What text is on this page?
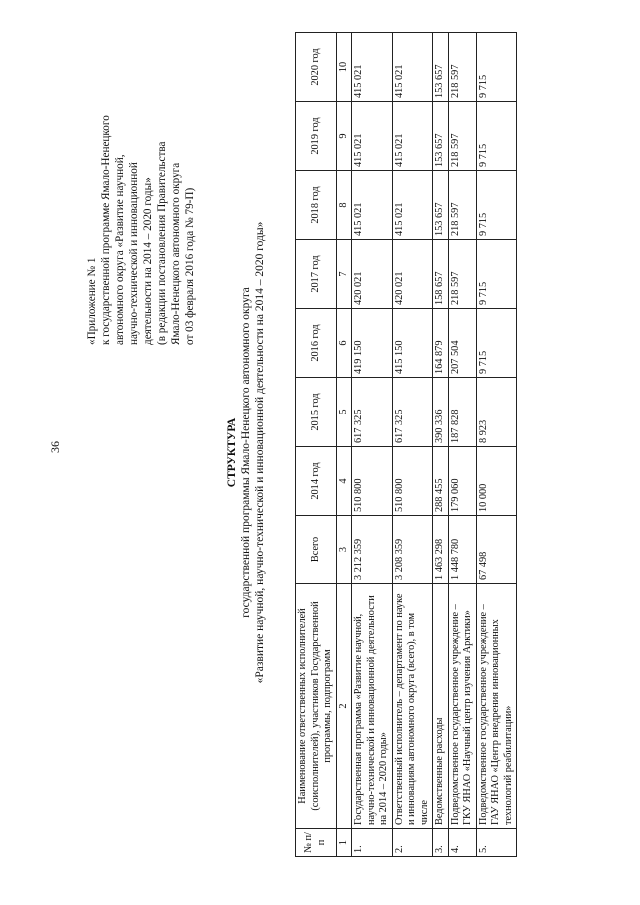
36
«Приложение № 1 к государственной программе Ямало-Ненецкого автономного округа «Развитие научной, научно-технической и инновационной деятельности на 2014 – 2020 годы» (в редакции постановления Правительства Ямало-Ненецкого автономного округа от 03 февраля 2016 года № 79-П)
СТРУКТУРА государственной программы Ямало-Ненецкого автономного округа «Развитие научной, научно-технической и инновационной деятельности на 2014 – 2020 годы»
№ п/п	Наименование ответственных исполнителей (соисполнителей), участников Государственной программы, подпрограмм	Всего	2014 год	2015 год	2016 год	2017 год	2018 год	2019 год	2020 год
1	2	3	4	5	6	7	8	9	10
1.	Государственная программа «Развитие научной, научно-технической и инновационной деятельности на 2014 – 2020 годы»	3 212 359	510 800	617 325	419 150	420 021	415 021	415 021	415 021
2.	Ответственный исполнитель – департамент по науке и инновациям автономного округа (всего), в том числе	3 208 359	510 800	617 325	415 150	420 021	415 021	415 021	415 021
3.	Ведомственные расходы	1 463 298	288 455	390 336	164 879	158 657	153 657	153 657	153 657
4.	Подведомственное государственное учреждение – ГКУ ЯНАО «Научный центр изучения Арктики»	1 448 780	179 060	187 828	207 504	218 597	218 597	218 597	218 597
5.	Подведомственное государственное учреждение – ГАУ ЯНАО «Центр внедрения инновационных технологий реабилитации»	67 498	10 000	8 923	9 715	9 715	9 715	9 715	9 715
